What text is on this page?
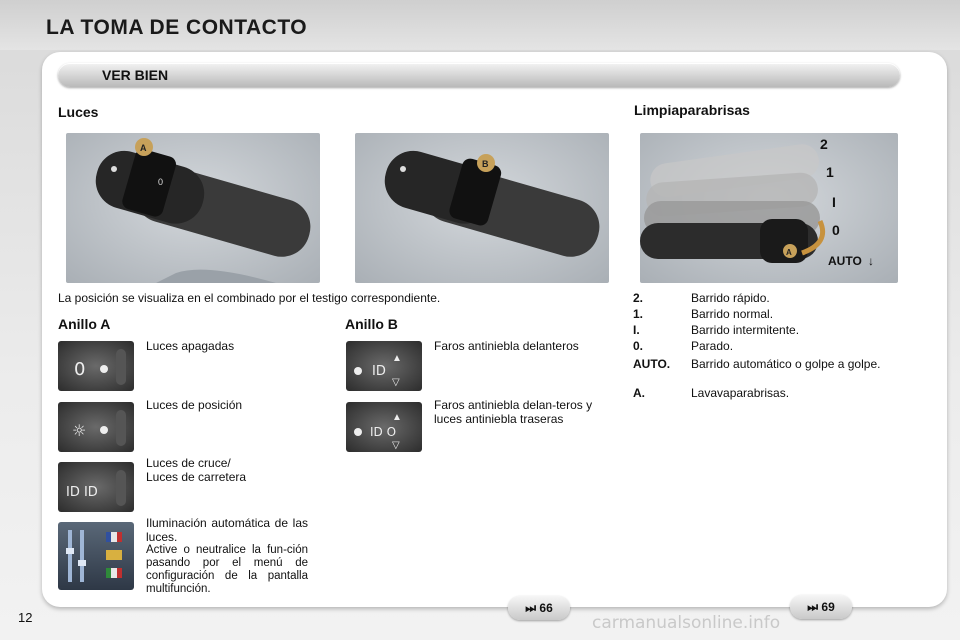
LA TOMA DE CONTACTO
VER BIEN
Luces
A
0
B
La posición se visualiza en el combinado por el testigo correspondiente.
Anillo A	Anillo B
0
Luces apagadas
☼
Luces de posición
ID ID
Luces de cruce/
Luces de carretera
Iluminación automática de las luces.
Active o neutralice la fun-ción pasando por el menú de configuración de la pantalla multifunción.
ID
▲
▽
Faros antiniebla delanteros
ID O
▲
▽
Faros antiniebla delan-teros y luces antiniebla traseras
Limpiaparabrisas
A
2
1
I
0
AUTO ↓
2.	Barrido rápido.
1.	Barrido normal.
I.	Barrido intermitente.
0.	Parado.
AUTO.	Barrido automático o golpe a golpe.
A.	Lavavaparabrisas.
⏭ 66	⏭ 69
12	carmanualsonline.info
